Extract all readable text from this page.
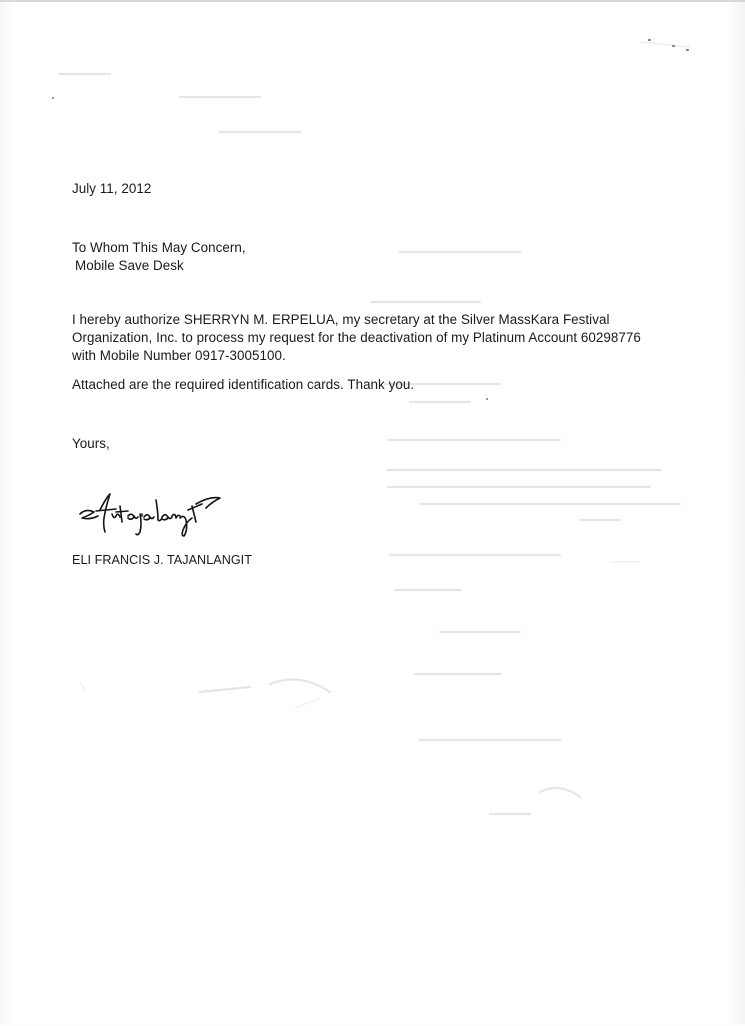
July 11, 2012
To Whom This May Concern,
Mobile Save Desk
I hereby authorize SHERRYN M. ERPELUA, my secretary at the Silver MassKara Festival
Organization, Inc. to process my request for the deactivation of my Platinum Account 60298776
with Mobile Number 0917-3005100.
Attached are the required identification cards. Thank you.
Yours,
ELI FRANCIS J. TAJANLANGIT
